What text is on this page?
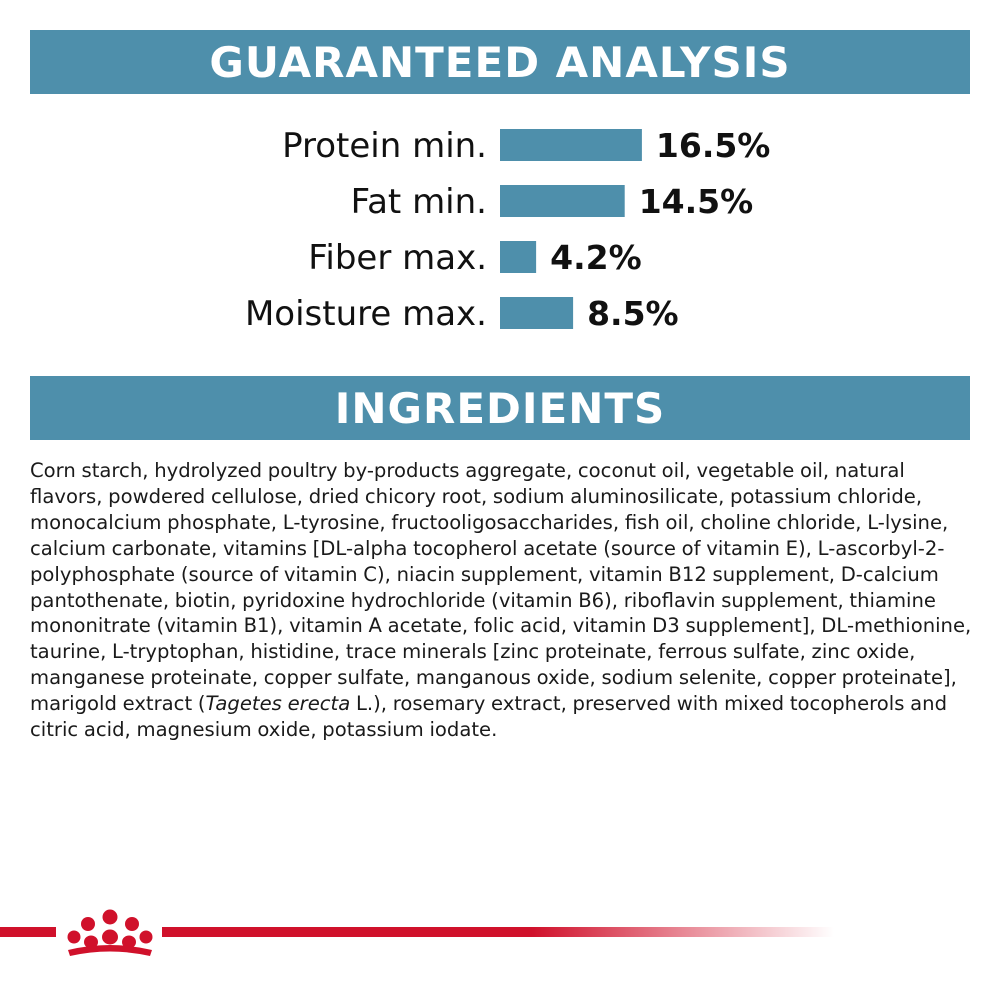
GUARANTEED ANALYSIS
Protein min.	16.5%
Fat min.	14.5%
Fiber max. 4.2%
Moisture max.	8.5%
INGREDIENTS

Corn starch, hydrolyzed poultry by-products aggregate, coconut oil, vegetable oil, natural flavors, powdered cellulose, dried chicory root, sodium aluminosilicate, potassium chloride, monocalcium phosphate, L-tyrosine, fructooligosaccharides, fish oil, choline chloride, L-lysine, calcium carbonate, vitamins [DL-alpha tocopherol acetate (source of vitamin E), L-ascorbyl-2-polyphosphate (source of vitamin C), niacin supplement, vitamin B12 supplement, D-calcium pantothenate, biotin, pyridoxine hydrochloride (vitamin B6), riboflavin supplement, thiamine mononitrate (vitamin B1), vitamin A acetate, folic acid, vitamin D3 supplement], DL-methionine, taurine, L-tryptophan, histidine, trace minerals [zinc proteinate, ferrous sulfate, zinc oxide, manganese proteinate, copper sulfate, manganous oxide, sodium selenite, copper proteinate], marigold extract (Tagetes erecta L.), rosemary extract, preserved with mixed tocopherols and citric acid, magnesium oxide, potassium iodate.
